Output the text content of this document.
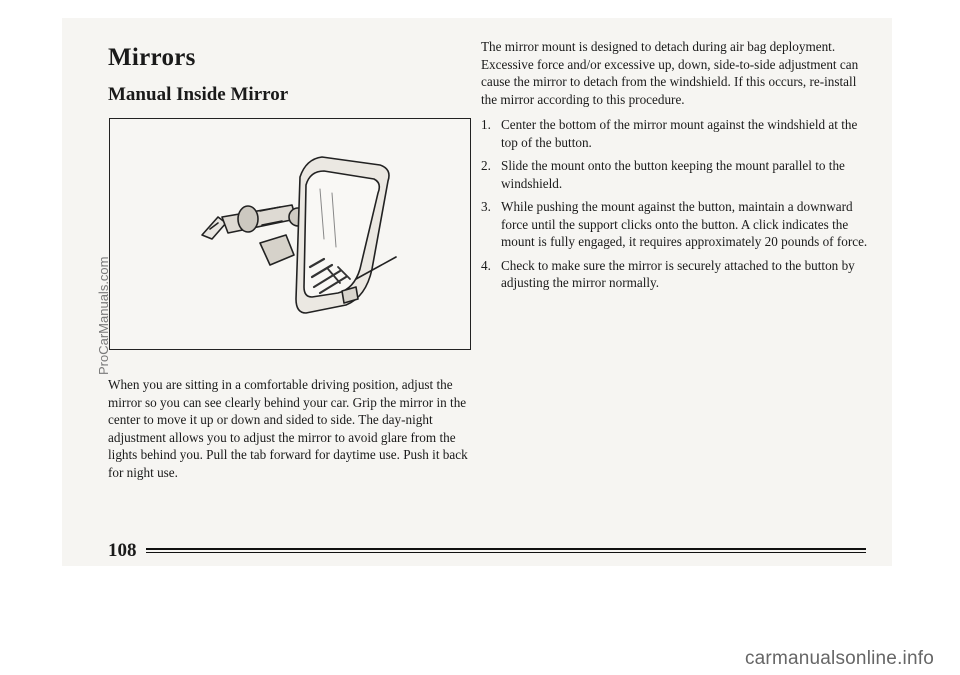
Mirrors
Manual Inside Mirror

When you are sitting in a comfortable driving position, adjust the mirror so you can see clearly behind your car. Grip the mirror in the center to move it up or down and sided to side. The day-night adjustment allows you to adjust the mirror to avoid glare from the lights behind you. Pull the tab forward for daytime use. Push it back for night use.

The mirror mount is designed to detach during air bag deployment. Excessive force and/or excessive up, down, side-to-side adjustment can cause the mirror to detach from the windshield. If this occurs, re-install the mirror according to this procedure.

1. Center the bottom of the mirror mount against the windshield at the top of the button.
2. Slide the mount onto the button keeping the mount parallel to the windshield.
3. While pushing the mount against the button, maintain a downward force until the support clicks onto the button. A click indicates the mount is fully engaged, it requires approximately 20 pounds of force.
4. Check to make sure the mirror is securely attached to the button by adjusting the mirror normally.
108
ProCarManuals.com
carmanualsonline.info
